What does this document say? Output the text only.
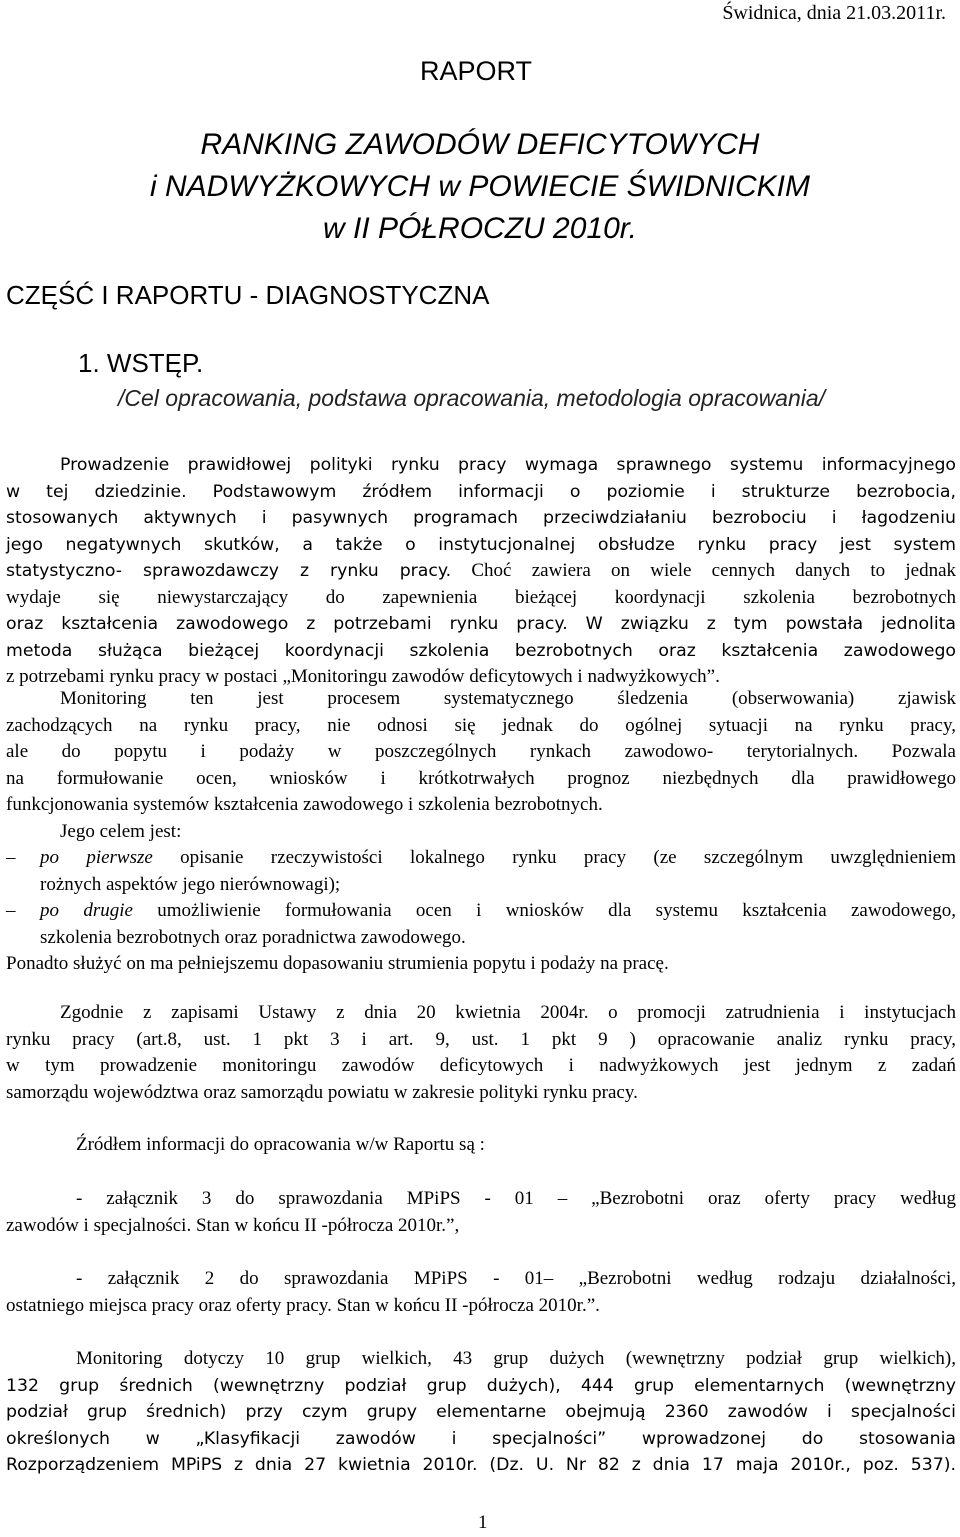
Świdnica, dnia 21.03.2011r.
RAPORT
RANKING ZAWODÓW DEFICYTOWYCH
i NADWYŻKOWYCH w POWIECIE ŚWIDNICKIM
w II PÓŁROCZU 2010r.
CZĘŚĆ I RAPORTU - DIAGNOSTYCZNA
1. WSTĘP.
/Cel opracowania, podstawa opracowania, metodologia opracowania/
Prowadzenie prawidłowej polityki rynku pracy wymaga sprawnego systemu informacyjnego
w tej dziedzinie. Podstawowym źródłem informacji o poziomie i strukturze bezrobocia,
stosowanych aktywnych i pasywnych programach przeciwdziałaniu bezrobociu i łagodzeniu
jego negatywnych skutków, a także o instytucjonalnej obsłudze rynku pracy jest system
statystyczno- sprawozdawczy z rynku pracy. Choć zawiera on wiele cennych danych to jednak
wydaje się niewystarczający do zapewnienia bieżącej koordynacji szkolenia bezrobotnych
oraz kształcenia zawodowego z potrzebami rynku pracy. W związku z tym powstała jednolita
metoda służąca bieżącej koordynacji szkolenia bezrobotnych oraz kształcenia zawodowego
z potrzebami rynku pracy w postaci „Monitoringu zawodów deficytowych i nadwyżkowych”.
Monitoring ten jest procesem systematycznego śledzenia (obserwowania) zjawisk
zachodzących na rynku pracy, nie odnosi się jednak do ogólnej sytuacji na rynku pracy,
ale do popytu i podaży w poszczególnych rynkach zawodowo- terytorialnych. Pozwala
na formułowanie ocen, wniosków i krótkotrwałych prognoz niezbędnych dla prawidłowego
funkcjonowania systemów kształcenia zawodowego i szkolenia bezrobotnych.
Jego celem jest:
– po pierwsze opisanie rzeczywistości lokalnego rynku pracy (ze szczególnym uwzględnieniem
rożnych aspektów jego nierównowagi);
– po drugie umożliwienie formułowania ocen i wniosków dla systemu kształcenia zawodowego,
szkolenia bezrobotnych oraz poradnictwa zawodowego.
Ponadto służyć on ma pełniejszemu dopasowaniu strumienia popytu i podaży na pracę.
Zgodnie z zapisami Ustawy z dnia 20 kwietnia 2004r. o promocji zatrudnienia i instytucjach
rynku pracy (art.8, ust. 1 pkt 3 i art. 9, ust. 1 pkt 9 ) opracowanie analiz rynku pracy,
w tym prowadzenie monitoringu zawodów deficytowych i nadwyżkowych jest jednym z zadań
samorządu województwa oraz samorządu powiatu w zakresie polityki rynku pracy.
Źródłem informacji do opracowania w/w Raportu są :
- załącznik 3 do sprawozdania MPiPS - 01 – „Bezrobotni oraz oferty pracy według
zawodów i specjalności. Stan w końcu II -półrocza 2010r.”,
- załącznik 2 do sprawozdania MPiPS - 01– „Bezrobotni według rodzaju działalności,
ostatniego miejsca pracy oraz oferty pracy. Stan w końcu II -półrocza 2010r.”.
Monitoring dotyczy 10 grup wielkich, 43 grup dużych (wewnętrzny podział grup wielkich),
132 grup średnich (wewnętrzny podział grup dużych), 444 grup elementarnych (wewnętrzny
podział grup średnich) przy czym grupy elementarne obejmują 2360 zawodów i specjalności
określonych w „Klasyfikacji zawodów i specjalności” wprowadzonej do stosowania
Rozporządzeniem MPiPS z dnia 27 kwietnia 2010r. (Dz. U. Nr 82 z dnia 17 maja 2010r., poz. 537).
1
